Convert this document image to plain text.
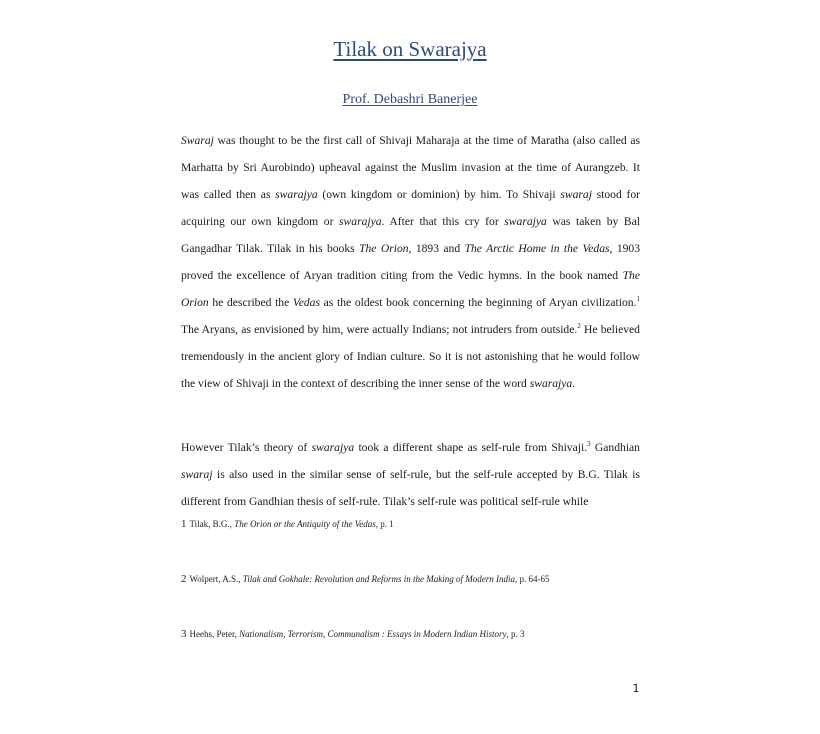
Tilak on Swarajya
Prof. Debashri Banerjee

Swaraj was thought to be the first call of Shivaji Maharaja at the time of Maratha (also called as Marhatta by Sri Aurobindo) upheaval against the Muslim invasion at the time of Aurangzeb. It was called then as swarajya (own kingdom or dominion) by him. To Shivaji swaraj stood for acquiring our own kingdom or swarajya. After that this cry for swarajya was taken by Bal Gangadhar Tilak. Tilak in his books The Orion, 1893 and The Arctic Home in the Vedas, 1903 proved the excellence of Aryan tradition citing from the Vedic hymns. In the book named The Orion he described the Vedas as the oldest book concerning the beginning of Aryan civilization.$^1$ The Aryans, as envisioned by him, were actually Indians; not intruders from outside.$^2$ He believed tremendously in the ancient glory of Indian culture. So it is not astonishing that he would follow the view of Shivaji in the context of describing the inner sense of the word swarajya.

However Tilak’s theory of swarajya took a different shape as self-rule from Shivaji.$^3$ Gandhian swaraj is also used in the similar sense of self-rule, but the self-rule accepted by B.G. Tilak is different from Gandhian thesis of self-rule. Tilak’s self-rule was political self-rule while

1 Tilak, B.G., The Orion or the Antiquity of the Vedas, p. 1
2 Wolpert, A.S., Tilak and Gokhale: Revolution and Reforms in the Making of Modern India, p. 64-65
3 Heehs, Peter, Nationalism, Terrorism, Communalism : Essays in Modern Indian History, p. 3
1
